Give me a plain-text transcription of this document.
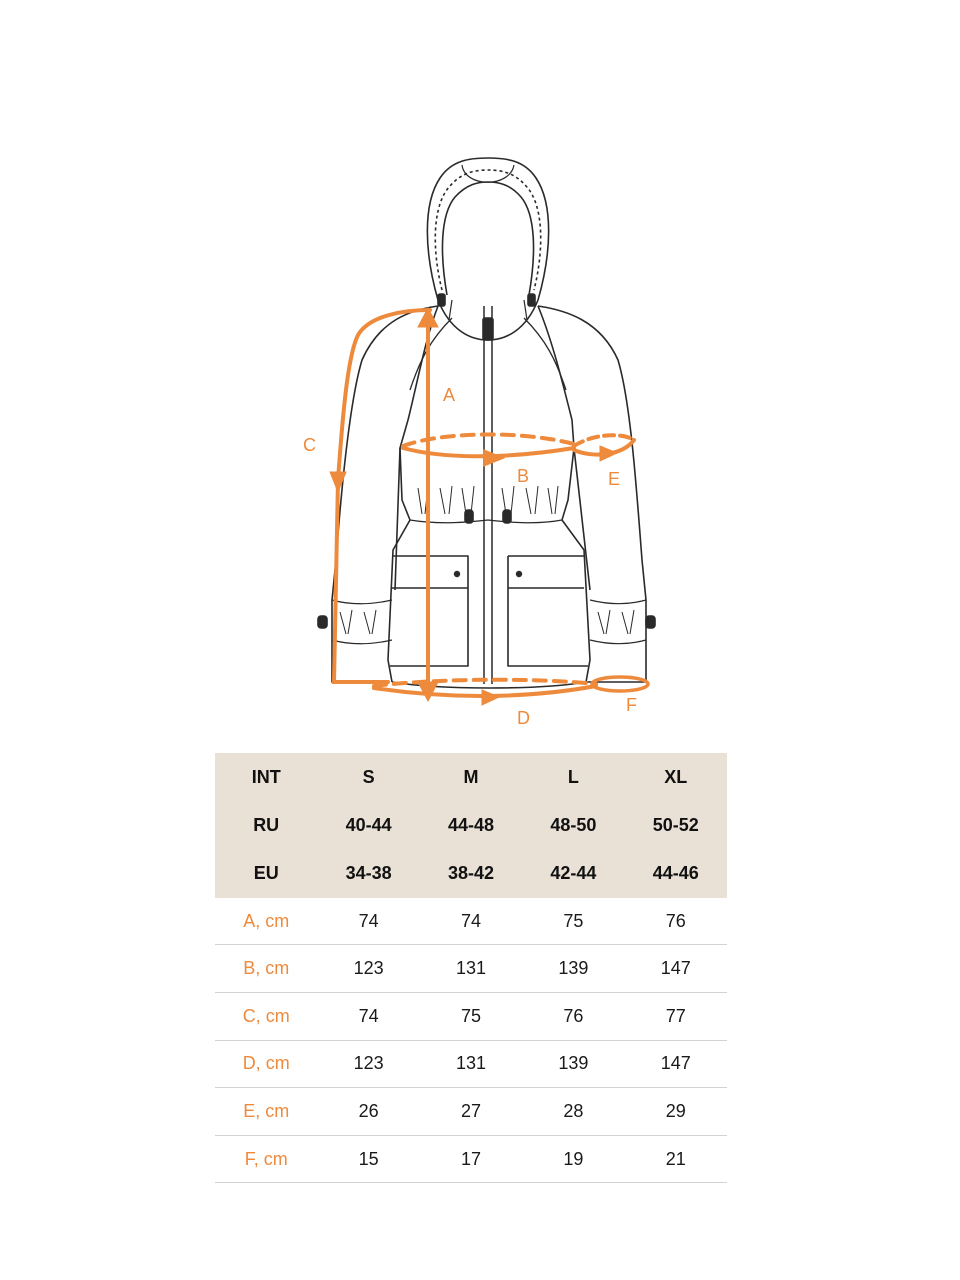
A
B
C
D
E
F
INT	S	M	L	XL
RU	40-44	44-48	48-50	50-52
EU	34-38	38-42	42-44	44-46
A, cm	74	74	75	76
B, cm	123	131	139	147
C, cm	74	75	76	77
D, cm	123	131	139	147
E, cm	26	27	28	29
F, cm	15	17	19	21
